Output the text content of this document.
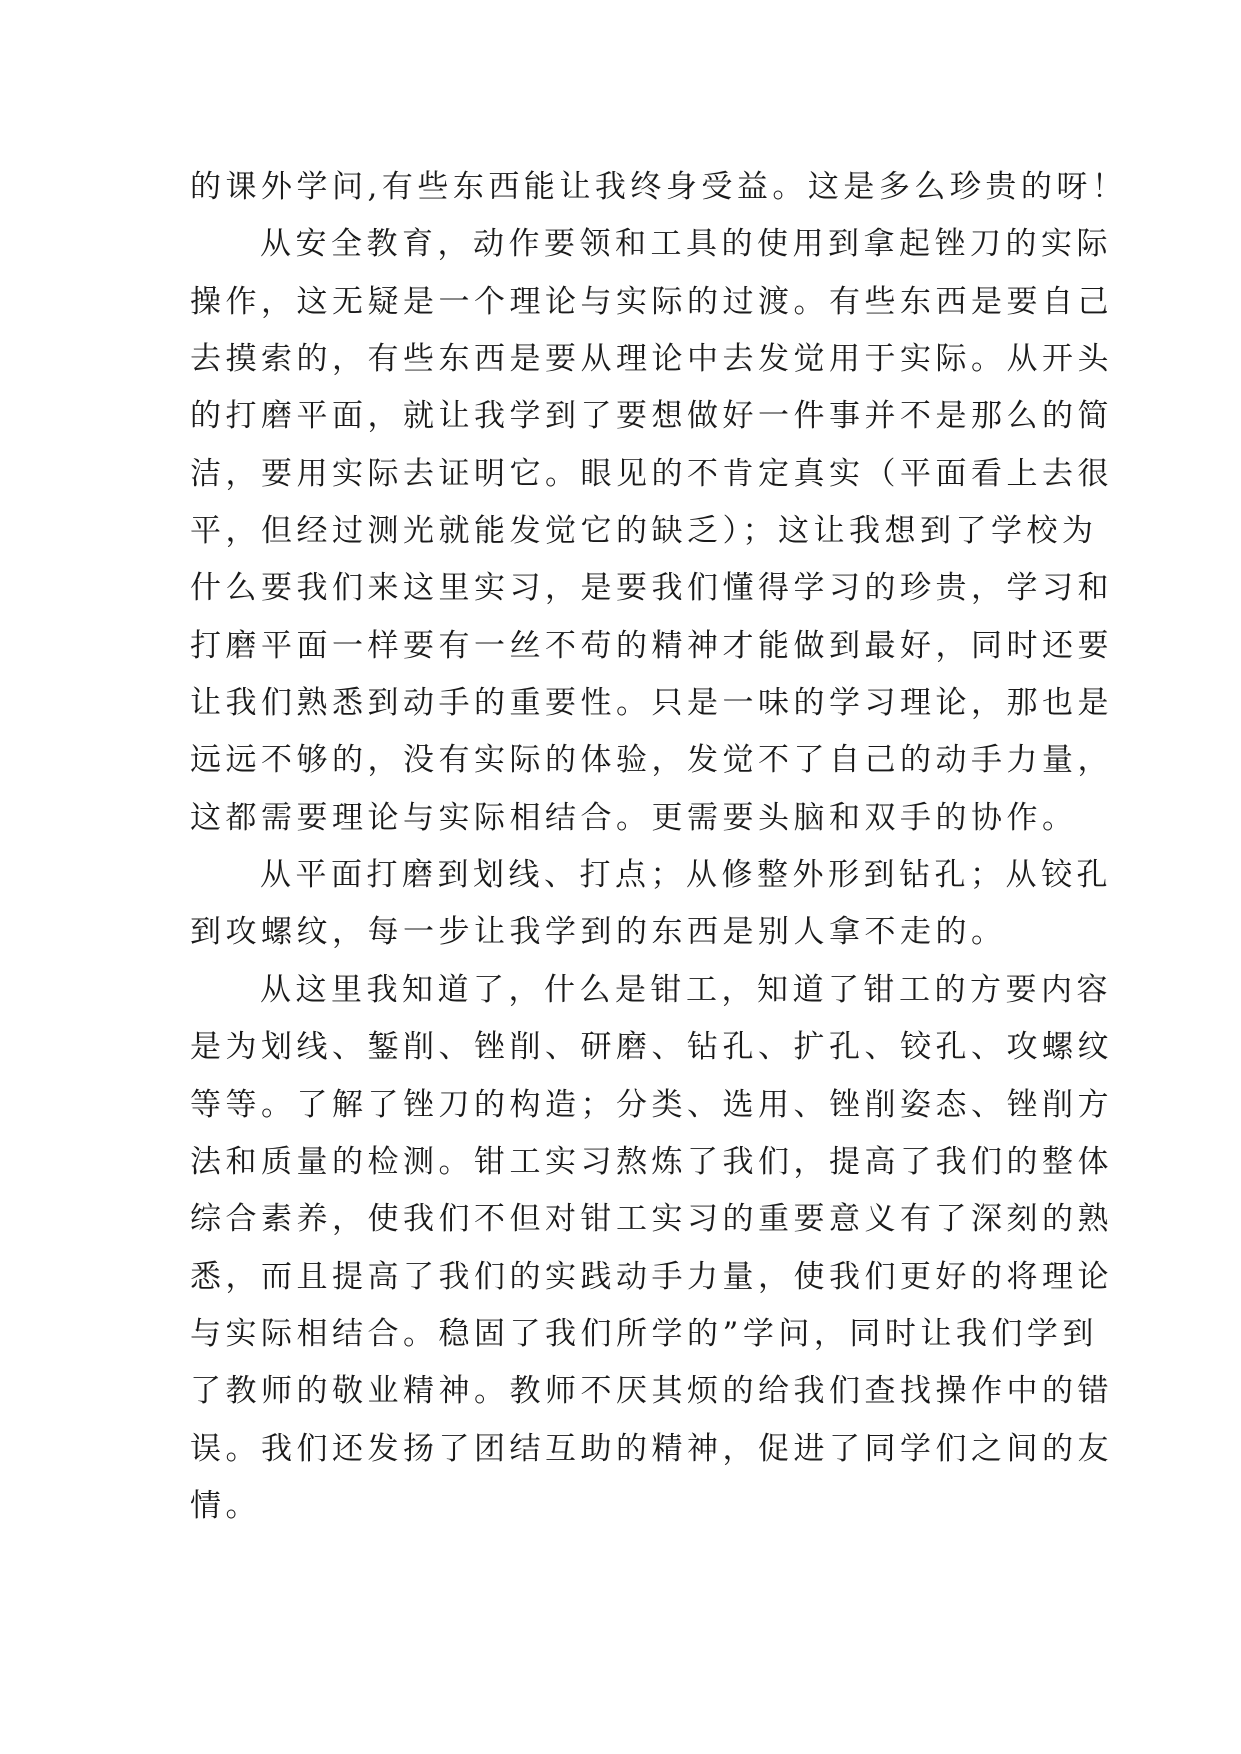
的课外学问,有些东西能让我终身受益。这是多么珍贵的呀！
从安全教育，动作要领和工具的使用到拿起锉刀的实际
操作，这无疑是一个理论与实际的过渡。有些东西是要自己
去摸索的，有些东西是要从理论中去发觉用于实际。从开头
的打磨平面，就让我学到了要想做好一件事并不是那么的简
洁，要用实际去证明它。眼见的不肯定真实（平面看上去很
平，但经过测光就能发觉它的缺乏）；这让我想到了学校为
什么要我们来这里实习，是要我们懂得学习的珍贵，学习和
打磨平面一样要有一丝不苟的精神才能做到最好，同时还要
让我们熟悉到动手的重要性。只是一味的学习理论，那也是
远远不够的，没有实际的体验，发觉不了自己的动手力量，
这都需要理论与实际相结合。更需要头脑和双手的协作。
从平面打磨到划线、打点；从修整外形到钻孔；从铰孔
到攻螺纹，每一步让我学到的东西是别人拿不走的。
从这里我知道了，什么是钳工，知道了钳工的方要内容
是为划线、錾削、锉削、研磨、钻孔、扩孔、铰孔、攻螺纹
等等。了解了锉刀的构造；分类、选用、锉削姿态、锉削方
法和质量的检测。钳工实习熬炼了我们，提高了我们的整体
综合素养，使我们不但对钳工实习的重要意义有了深刻的熟
悉，而且提高了我们的实践动手力量，使我们更好的将理论
与实际相结合。稳固了我们所学的”学问，同时让我们学到
了教师的敬业精神。教师不厌其烦的给我们查找操作中的错
误。我们还发扬了团结互助的精神，促进了同学们之间的友
情。
